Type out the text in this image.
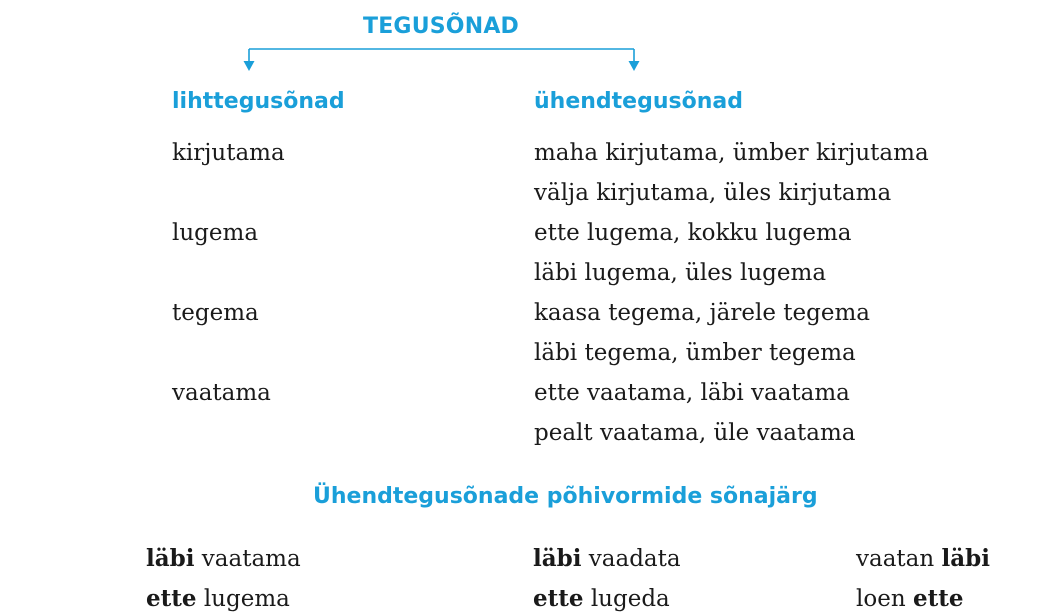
TEGUSÕNAD
lihttegusõnad	ühendtegusõnad
kirjutama	maha kirjutama, ümber kirjutama
välja kirjutama, üles kirjutama
lugema	ette lugema, kokku lugema
läbi lugema, üles lugema
tegema	kaasa tegema, järele tegema
läbi tegema, ümber tegema
vaatama	ette vaatama, läbi vaatama
pealt vaatama, üle vaatama
Ühendtegusõnade põhivormide sõnajärg
läbi vaatama	läbi vaadata	vaatan läbi
ette lugema	ette lugeda	loen ette
